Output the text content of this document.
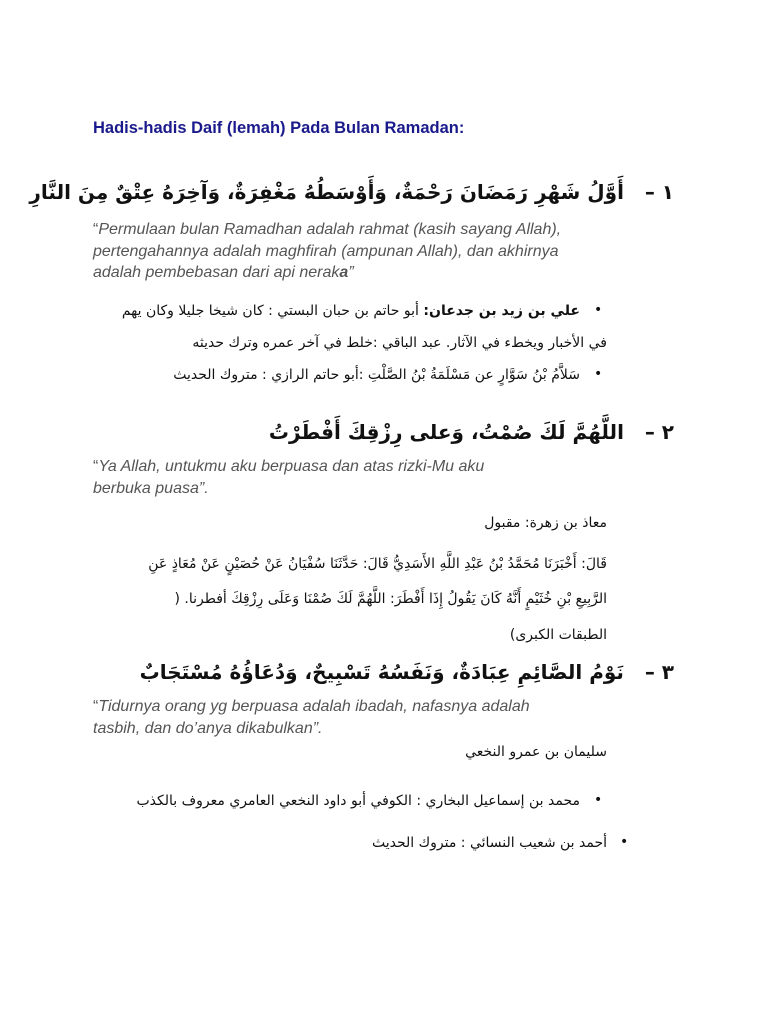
Hadis-hadis Daif (lemah) Pada Bulan Ramadan:
١ –   أَوَّلُ شَهْرِ رَمَضَانَ رَحْمَةٌ، وَأَوْسَطُهُ مَغْفِرَةٌ، وَآخِرَهُ عِتْقٌ مِنَ النَّارِ
“Permulaan bulan Ramadhan adalah rahmat (kasih sayang Allah),
pertengahannya adalah maghfirah (ampunan Allah), dan akhirnya
adalah pembebasan dari api neraka”
•
علي بن زيد بن جدعان: أبو حاتم بن حبان البستي : كان شيخا جليلا وكان يهم
في الأخبار ويخطء في الآثار. عبد الباقي :خلط في آخر عمره وترك حديثه
•
سَلاَّمُ بْنُ سَوَّارٍ عن مَسْلَمَةُ بْنُ الصَّلْتِ :أبو حاتم الرازي : متروك الحديث
٢ –   اللَّهُمَّ لَكَ صُمْتُ، وَعلى رِزْقِكَ أَفْطَرْتُ
“Ya Allah, untukmu aku berpuasa dan atas rizki-Mu aku
berbuka puasa”.
معاذ بن زهرة: مقبول
قَالَ: أَخْبَرَنَا مُحَمَّدُ بْنُ عَبْدِ اللَّهِ الأَسَدِيُّ قَالَ: حَدَّثَنَا سُفْيَانُ عَنْ حُصَيْنٍ عَنْ مُعَاذٍ عَنِ
الرَّبِيعِ بْنِ خُثَيْمٍ أَنَّهُ كَانَ يَقُولُ إِذَا أَفْطَرَ: اللَّهُمَّ لَكَ صُمْنَا وَعَلَى رِزْقِكَ أفطرنا. (
الطبقات الكبرى)
٣ –   نَوْمُ الصَّائِمِ عِبَادَةٌ، وَنَفَسُهُ تَسْبِيحٌ، وَدُعَاؤُهُ مُسْتَجَابٌ
“Tidurnya orang yg berpuasa adalah ibadah, nafasnya adalah
tasbih, dan do’anya dikabulkan”.
سليمان بن عمرو النخعي
•
محمد بن إسماعيل البخاري : الكوفي أبو داود النخعي العامري معروف بالكذب
•
أحمد بن شعيب النسائي : متروك الحديث
